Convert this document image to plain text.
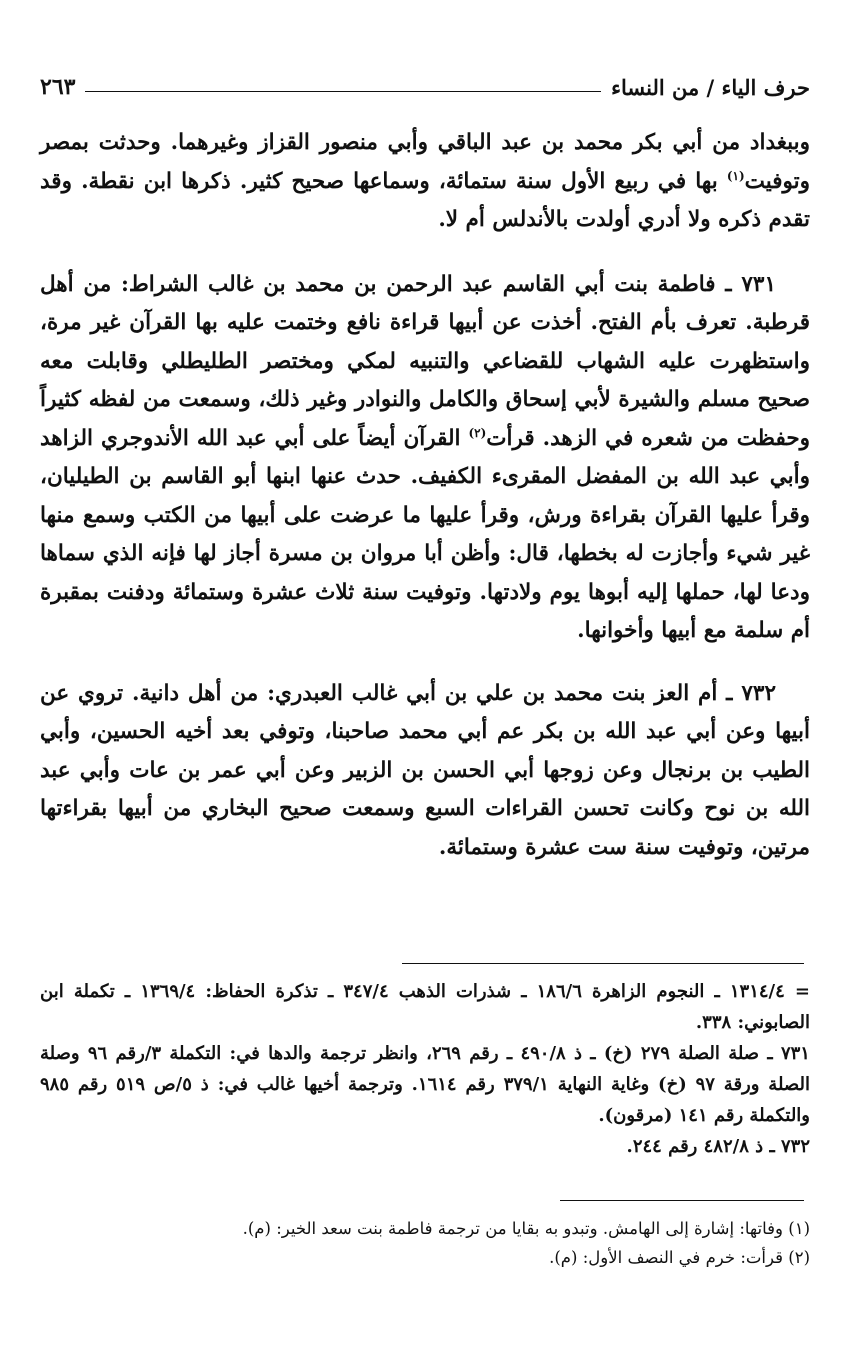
حرف الياء / من النساء
٢٦٣

وببغداد من أبي بكر محمد بن عبد الباقي وأبي منصور القزاز وغيرهما. وحدثت بمصر وتوفيت$^{(١)}$ بها في ربيع الأول سنة ستمائة، وسماعها صحيح كثير. ذكرها ابن نقطة. وقد تقدم ذكره ولا أدري أولدت بالأندلس أم لا.

٧٣١ ـ فاطمة بنت أبي القاسم عبد الرحمن بن محمد بن غالب الشراط: من أهل قرطبة. تعرف بأم الفتح. أخذت عن أبيها قراءة نافع وختمت عليه بها القرآن غير مرة، واستظهرت عليه الشهاب للقضاعي والتنبيه لمكي ومختصر الطليطلي وقابلت معه صحيح مسلم والشيرة لأبي إسحاق والكامل والنوادر وغير ذلك، وسمعت من لفظه كثيراً وحفظت من شعره في الزهد. قرأت$^{(٢)}$ القرآن أيضاً على أبي عبد الله الأندوجري الزاهد وأبي عبد الله بن المفضل المقرىء الكفيف. حدث عنها ابنها أبو القاسم بن الطيليان، وقرأ عليها القرآن بقراءة ورش، وقرأ عليها ما عرضت على أبيها من الكتب وسمع منها غير شيء وأجازت له بخطها، قال: وأظن أبا مروان بن مسرة أجاز لها فإنه الذي سماها ودعا لها، حملها إليه أبوها يوم ولادتها. وتوفيت سنة ثلاث عشرة وستمائة ودفنت بمقبرة أم سلمة مع أبيها وأخوانها.

٧٣٢ ـ أم العز بنت محمد بن علي بن أبي غالب العبدري: من أهل دانية. تروي عن أبيها وعن أبي عبد الله بن بكر عم أبي محمد صاحبنا، وتوفي بعد أخيه الحسين، وأبي الطيب بن برنجال وعن زوجها أبي الحسن بن الزبير وعن أبي عمر بن عات وأبي عبد الله بن نوح وكانت تحسن القراءات السبع وسمعت صحيح البخاري من أبيها بقراءتها مرتين، وتوفيت سنة ست عشرة وستمائة.

= ١٣١٤/٤ ـ النجوم الزاهرة ١٨٦/٦ ـ شذرات الذهب ٣٤٧/٤ ـ تذكرة الحفاظ: ١٣٦٩/٤ ـ تكملة ابن الصابوني: ٣٣٨.

٧٣١ ـ صلة الصلة ٢٧٩ (خ) ـ ذ ٤٩٠/٨ ـ رقم ٢٦٩، وانظر ترجمة والدها في: التكملة ٣/رقم ٩٦ وصلة الصلة ورقة ٩٧ (خ) وغاية النهاية ٣٧٩/١ رقم ١٦١٤. وترجمة أخيها غالب في: ذ ٥/ص ٥١٩ رقم ٩٨٥ والتكملة رقم ١٤١ (مرقون).

٧٣٢ ـ ذ ٤٨٢/٨ رقم ٢٤٤.

(١) وفاتها: إشارة إلى الهامش. وتبدو به بقايا من ترجمة فاطمة بنت سعد الخير: (م).

(٢) قرأت: خرم في النصف الأول: (م).
